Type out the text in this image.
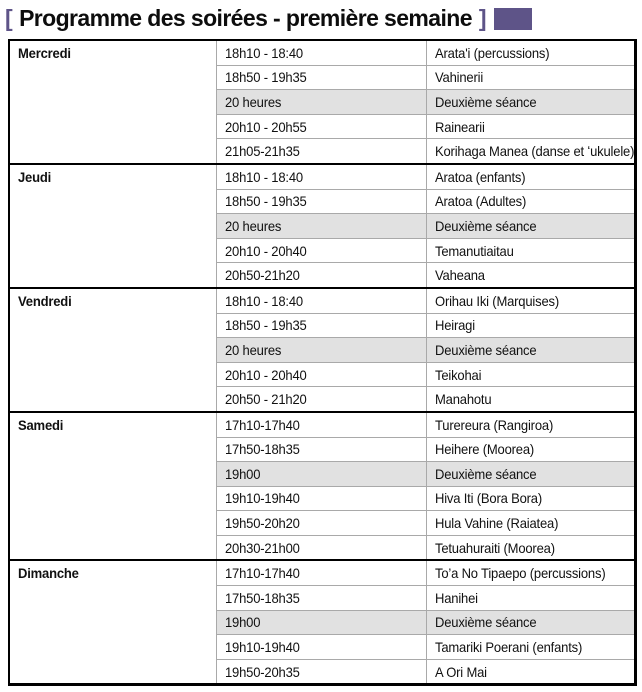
[ Programme des soirées - première semaine ]
Mercredi	18h10 - 18:40	Arata'i (percussions)
	18h50 - 19h35	Vahinerii
	20 heures	Deuxième séance
	20h10 - 20h55	Rainearii
	21h05-21h35	Korihaga Manea (danse et ʻukulele)
Jeudi	18h10 - 18:40	Aratoa (enfants)
	18h50 - 19h35	Aratoa (Adultes)
	20 heures	Deuxième séance
	20h10 - 20h40	Temanutiaitau
	20h50-21h20	Vaheana
Vendredi	18h10 - 18:40	Orihau Iki (Marquises)
	18h50 - 19h35	Heiragi
	20 heures	Deuxième séance
	20h10 - 20h40	Teikohai
	20h50 - 21h20	Manahotu
Samedi	17h10-17h40	Turereura (Rangiroa)
	17h50-18h35	Heihere (Moorea)
	19h00	Deuxième séance
	19h10-19h40	Hiva Iti (Bora Bora)
	19h50-20h20	Hula Vahine (Raiatea)
	20h30-21h00	Tetuahuraiti (Moorea)
Dimanche	17h10-17h40	To’a No Tipaepo (percussions)
	17h50-18h35	Hanihei
	19h00	Deuxième séance
	19h10-19h40	Tamariki Poerani (enfants)
	19h50-20h35	A Ori Mai
